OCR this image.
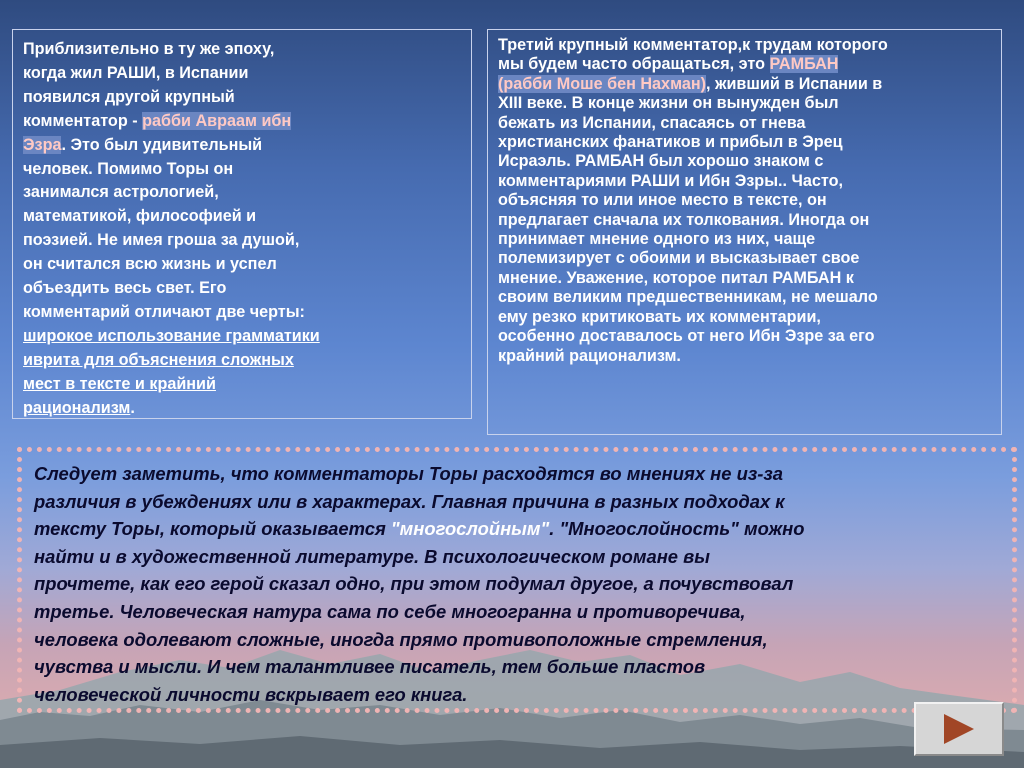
Приблизительно в ту же эпоху,
когда жил РАШИ, в Испании
появился другой крупный
комментатор - рабби Авраам ибн
Эзра. Это был удивительный
человек. Помимо Торы он
занимался астрологией,
математикой, философией и
поэзией. Не имея гроша за душой,
он считался всю жизнь и успел
объездить весь свет. Его
комментарий отличают две черты:
широкое использование грамматики
иврита для объяснения сложных
мест в тексте и крайний
рационализм.

Третий крупный комментатор,к трудам которого
мы будем часто обращаться, это РАМБАН
(рабби Моше бен Нахман), живший в Испании в
XIII веке. В конце жизни он вынужден был
бежать из Испании, спасаясь от гнева
христианских фанатиков и прибыл в Эрец
Исраэль. РАМБАН был хорошо знаком с
комментариями РАШИ и Ибн Эзры.. Часто,
объясняя то или иное место в тексте, он
предлагает сначала их толкования. Иногда он
принимает мнение одного из них, чаще
полемизирует с обоими и высказывает свое
мнение. Уважение, которое питал РАМБАН к
своим великим предшественникам, не мешало
ему резко критиковать их комментарии,
особенно доставалось от него Ибн Эзре за его
крайний рационализм.

Следует заметить, что комментаторы Торы расходятся во мнениях не из-за
различия в убеждениях или в характерах. Главная причина в разных подходах к
тексту Торы, который оказывается "многослойным". "Многослойность" можно
найти и в художественной литературе. В психологическом романе вы
прочтете, как его герой сказал одно, при этом подумал другое, а почувствовал
третье. Человеческая натура сама по себе многогранна и противоречива,
человека одолевают сложные, иногда прямо противоположные стремления,
чувства и мысли. И чем талантливее писатель, тем больше пластов
человеческой личности вскрывает его книга.
